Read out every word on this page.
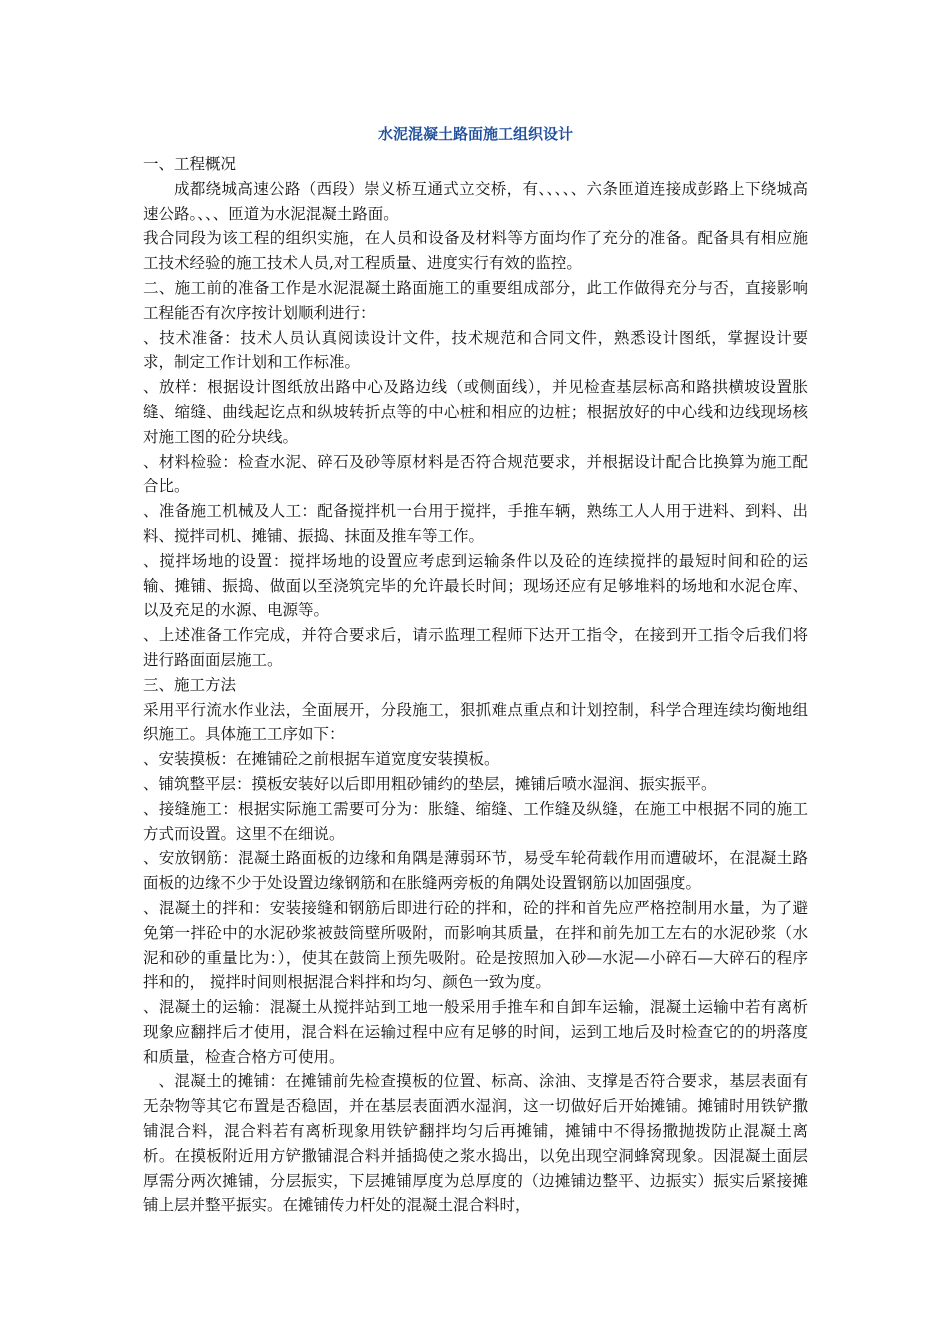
水泥混凝土路面施工组织设计

一、工程概况

成都绕城高速公路（西段）崇义桥互通式立交桥，有、、、、、六条匝道连接成彭路上下绕城高速公路。、、、匝道为水泥混凝土路面。

我合同段为该工程的组织实施，在人员和设备及材料等方面均作了充分的准备。配备具有相应施工技术经验的施工技术人员,对工程质量、进度实行有效的监控。

二、施工前的准备工作是水泥混凝土路面施工的重要组成部分，此工作做得充分与否，直接影响工程能否有次序按计划顺利进行：

、技术准备：技术人员认真阅读设计文件，技术规范和合同文件，熟悉设计图纸，掌握设计要求，制定工作计划和工作标准。

、放样：根据设计图纸放出路中心及路边线（或侧面线），并见检查基层标高和路拱横坡设置胀缝、缩缝、曲线起讫点和纵坡转折点等的中心桩和相应的边桩；根据放好的中心线和边线现场核对施工图的砼分块线。

、材料检验：检查水泥、碎石及砂等原材料是否符合规范要求，并根据设计配合比换算为施工配合比。

、准备施工机械及人工：配备搅拌机一台用于搅拌，手推车辆，熟练工人人用于进料、到料、出料、搅拌司机、摊铺、振捣、抹面及推车等工作。

、搅拌场地的设置：搅拌场地的设置应考虑到运输条件以及砼的连续搅拌的最短时间和砼的运输、摊铺、振捣、做面以至浇筑完毕的允许最长时间；现场还应有足够堆料的场地和水泥仓库、以及充足的水源、电源等。

、上述准备工作完成，并符合要求后，请示监理工程师下达开工指令，在接到开工指令后我们将进行路面面层施工。

三、施工方法

采用平行流水作业法，全面展开，分段施工，狠抓难点重点和计划控制，科学合理连续均衡地组织施工。具体施工工序如下：

、安装摸板：在摊铺砼之前根据车道宽度安装摸板。

、铺筑整平层：摸板安装好以后即用粗砂铺约的垫层，摊铺后喷水湿润、振实振平。

、接缝施工：根据实际施工需要可分为：胀缝、缩缝、工作缝及纵缝，在施工中根据不同的施工方式而设置。这里不在细说。

、安放钢筋：混凝土路面板的边缘和角隅是薄弱环节，易受车轮荷载作用而遭破坏，在混凝土路面板的边缘不少于处设置边缘钢筋和在胀缝两旁板的角隅处设置钢筋以加固强度。

、混凝土的拌和：安装接缝和钢筋后即进行砼的拌和，砼的拌和首先应严格控制用水量，为了避免第一拌砼中的水泥砂浆被鼓筒壁所吸附，而影响其质量，在拌和前先加工左右的水泥砂浆（水泥和砂的重量比为：），使其在鼓筒上预先吸附。砼是按照加入砂—水泥—小碎石—大碎石的程序拌和的， 搅拌时间则根据混合料拌和均匀、颜色一致为度。

、混凝土的运输：混凝土从搅拌站到工地一般采用手推车和自卸车运输，混凝土运输中若有离析现象应翻拌后才使用，混合料在运输过程中应有足够的时间，运到工地后及时检查它的的坍落度和质量，检查合格方可使用。

、混凝土的摊铺：在摊铺前先检查摸板的位置、标高、涂油、支撑是否符合要求，基层表面有无杂物等其它布置是否稳固，并在基层表面洒水湿润，这一切做好后开始摊铺。摊铺时用铁铲撒铺混合料，混合料若有离析现象用铁铲翻拌均匀后再摊铺，摊铺中不得扬撒抛拨防止混凝土离析。在摸板附近用方铲撒铺混合料并插捣使之浆水捣出，以免出现空洞蜂窝现象。因混凝土面层厚需分两次摊铺，分层振实，下层摊铺厚度为总厚度的（边摊铺边整平、边振实）振实后紧接摊铺上层并整平振实。在摊铺传力杆处的混凝土混合料时，
